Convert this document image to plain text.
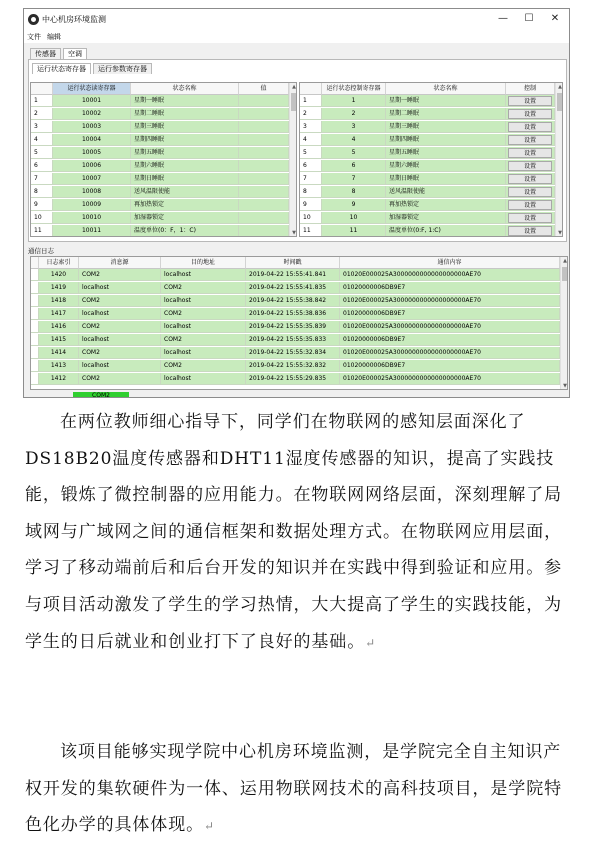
中心机房环境监测	—	☐	✕
文件 编辑
传感器	空调
运行状态寄存器	运行参数寄存器
运行状态读寄存器	状态名称	值
1	10001	星期一睡眠
2	10002	星期二睡眠
3	10003	星期三睡眠
4	10004	星期四睡眠
5	10005	星期五睡眠
6	10006	星期六睡眠
7	10007	星期日睡眠
8	10008	送风温限使能
9	10009	再加热锁定
10	10010	加湿器锁定
11	10011	温度单位(0：F，1：C)
▲
▼
运行状态控制寄存器	状态名称	控制
1	1	星期一睡眠	设置
2	2	星期二睡眠	设置
3	3	星期三睡眠	设置
4	4	星期四睡眠	设置
5	5	星期五睡眠	设置
6	6	星期六睡眠	设置
7	7	星期日睡眠	设置
8	8	送风温限使能	设置
9	9	再加热锁定	设置
10	10	加湿器锁定	设置
11	11	温度单位(0:F, 1:C)	设置
▲
▼
通信日志
日志索引	消息源	目的地址	时间戳	通信内容
1420	COM2	localhost	2019-04-22 15:55:41.841	01020E000025A3000000000000000000AE70
1419	localhost	COM2	2019-04-22 15:55:41.835	01020000006DB9E7
1418	COM2	localhost	2019-04-22 15:55:38.842	01020E000025A3000000000000000000AE70
1417	localhost	COM2	2019-04-22 15:55:38.836	01020000006DB9E7
1416	COM2	localhost	2019-04-22 15:55:35.839	01020E000025A3000000000000000000AE70
1415	localhost	COM2	2019-04-22 15:55:35.833	01020000006DB9E7
1414	COM2	localhost	2019-04-22 15:55:32.834	01020E000025A3000000000000000000AE70
1413	localhost	COM2	2019-04-22 15:55:32.832	01020000006DB9E7
1412	COM2	localhost	2019-04-22 15:55:29.835	01020E000025A3000000000000000000AE70
▲
▼
COM2
在两位教师细心指导下，同学们在物联网的感知层面深化了DS18B20温度传感器和DHT11湿度传感器的知识，提高了实践技能，锻炼了微控制器的应用能力。在物联网网络层面，深刻理解了局域网与广域网之间的通信框架和数据处理方式。在物联网应用层面，学习了移动端前后和后台开发的知识并在实践中得到验证和应用。参与项目活动激发了学生的学习热情，大大提高了学生的实践技能，为学生的日后就业和创业打下了良好的基础。↵
该项目能够实现学院中心机房环境监测，是学院完全自主知识产权开发的集软硬件为一体、运用物联网技术的高科技项目，是学院特色化办学的具体体现。↵
